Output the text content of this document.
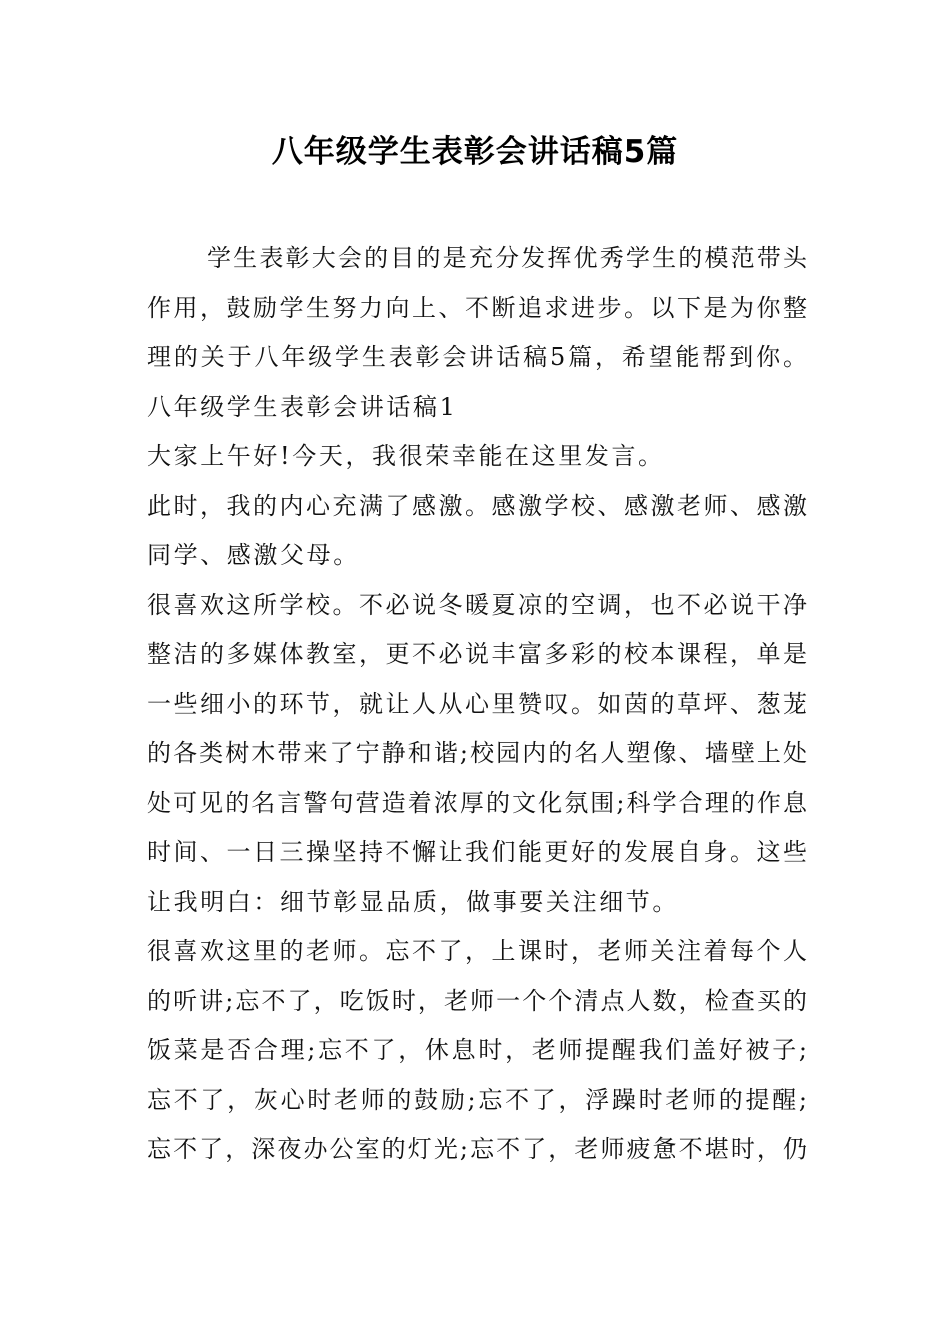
八年级学生表彰会讲话稿5篇
学生表彰大会的目的是充分发挥优秀学生的模范带头
作用，鼓励学生努力向上、不断追求进步。以下是为你整
理的关于八年级学生表彰会讲话稿5篇，希望能帮到你。
八年级学生表彰会讲话稿1
大家上午好!今天，我很荣幸能在这里发言。
此时，我的内心充满了感激。感激学校、感激老师、感激
同学、感激父母。
很喜欢这所学校。不必说冬暖夏凉的空调，也不必说干净
整洁的多媒体教室，更不必说丰富多彩的校本课程，单是
一些细小的环节，就让人从心里赞叹。如茵的草坪、葱茏
的各类树木带来了宁静和谐;校园内的名人塑像、墙壁上处
处可见的名言警句营造着浓厚的文化氛围;科学合理的作息
时间、一日三操坚持不懈让我们能更好的发展自身。这些
让我明白：细节彰显品质，做事要关注细节。
很喜欢这里的老师。忘不了，上课时，老师关注着每个人
的听讲;忘不了，吃饭时，老师一个个清点人数，检查买的
饭菜是否合理;忘不了，休息时，老师提醒我们盖好被子;
忘不了，灰心时老师的鼓励;忘不了，浮躁时老师的提醒;
忘不了，深夜办公室的灯光;忘不了，老师疲惫不堪时，仍
